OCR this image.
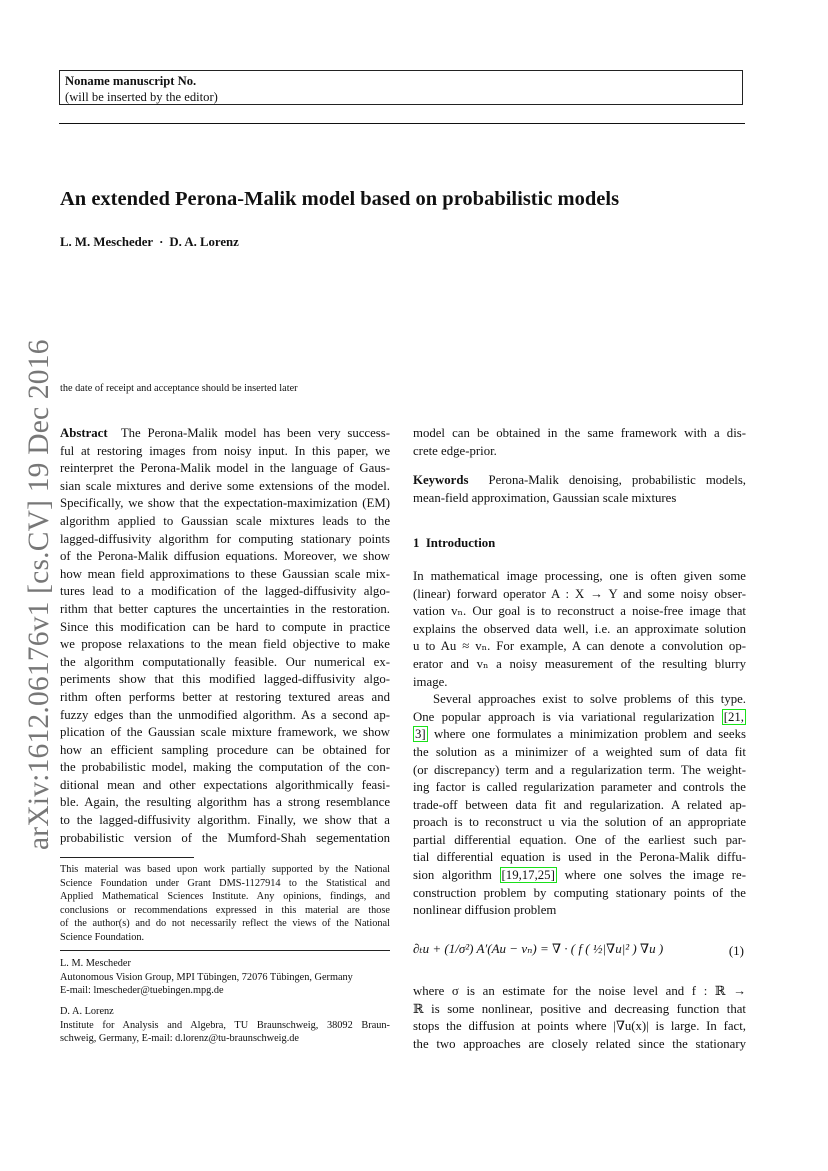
Noname manuscript No.
(will be inserted by the editor)
An extended Perona-Malik model based on probabilistic models
L. M. Mescheder · D. A. Lorenz
arXiv:1612.06176v1 [cs.CV] 19 Dec 2016 the date of receipt and acceptance should be inserted later
Abstract The Perona-Malik model has been very success-
ful at restoring images from noisy input. In this paper, we
reinterpret the Perona-Malik model in the language of Gaus-
sian scale mixtures and derive some extensions of the model.
Specifically, we show that the expectation-maximization (EM)
algorithm applied to Gaussian scale mixtures leads to the
lagged-diffusivity algorithm for computing stationary points
of the Perona-Malik diffusion equations. Moreover, we show
how mean field approximations to these Gaussian scale mix-
tures lead to a modification of the lagged-diffusivity algo-
rithm that better captures the uncertainties in the restoration.
Since this modification can be hard to compute in practice
we propose relaxations to the mean field objective to make
the algorithm computationally feasible. Our numerical ex-
periments show that this modified lagged-diffusivity algo-
rithm often performs better at restoring textured areas and
fuzzy edges than the unmodified algorithm. As a second ap-
plication of the Gaussian scale mixture framework, we show
how an efficient sampling procedure can be obtained for
the probabilistic model, making the computation of the con-
ditional mean and other expectations algorithmically feasi-
ble. Again, the resulting algorithm has a strong resemblance
to the lagged-diffusivity algorithm. Finally, we show that a
probabilistic version of the Mumford-Shah segementation
This material was based upon work partially supported by the National
Science Foundation under Grant DMS-1127914 to the Statistical and
Applied Mathematical Sciences Institute. Any opinions, findings, and
conclusions or recommendations expressed in this material are those
of the author(s) and do not necessarily reflect the views of the National
Science Foundation.
L. M. Mescheder
Autonomous Vision Group, MPI Tübingen, 72076 Tübingen, Germany
E-mail: lmescheder@tuebingen.mpg.de
D. A. Lorenz
Institute for Analysis and Algebra, TU Braunschweig, 38092 Braun-
schweig, Germany, E-mail: d.lorenz@tu-braunschweig.de
model can be obtained in the same framework with a dis-
crete edge-prior.
Keywords Perona-Malik denoising, probabilistic models,
mean-field approximation, Gaussian scale mixtures
1 Introduction
In mathematical image processing, one is often given some
(linear) forward operator A : X → Y and some noisy obser-
vation vₙ. Our goal is to reconstruct a noise-free image that
explains the observed data well, i.e. an approximate solution
u to Au ≈ vₙ. For example, A can denote a convolution op-
erator and vₙ a noisy measurement of the resulting blurry
image.
Several approaches exist to solve problems of this type.
One popular approach is via variational regularization [21,
3] where one formulates a minimization problem and seeks
the solution as a minimizer of a weighted sum of data fit
(or discrepancy) term and a regularization term. The weight-
ing factor is called regularization parameter and controls the
trade-off between data fit and regularization. A related ap-
proach is to reconstruct u via the solution of an appropriate
partial differential equation. One of the earliest such par-
tial differential equation is used in the Perona-Malik diffu-
sion algorithm [19,17,25] where one solves the image re-
construction problem by computing stationary points of the
nonlinear diffusion problem
∂ₜu + (1/σ²) A′(Au − vₙ) = ∇ · ( f ( ½|∇u|² ) ∇u )	(1)
where σ is an estimate for the noise level and f : ℝ →
ℝ is some nonlinear, positive and decreasing function that
stops the diffusion at points where |∇u(x)| is large. In fact,
the two approaches are closely related since the stationary
